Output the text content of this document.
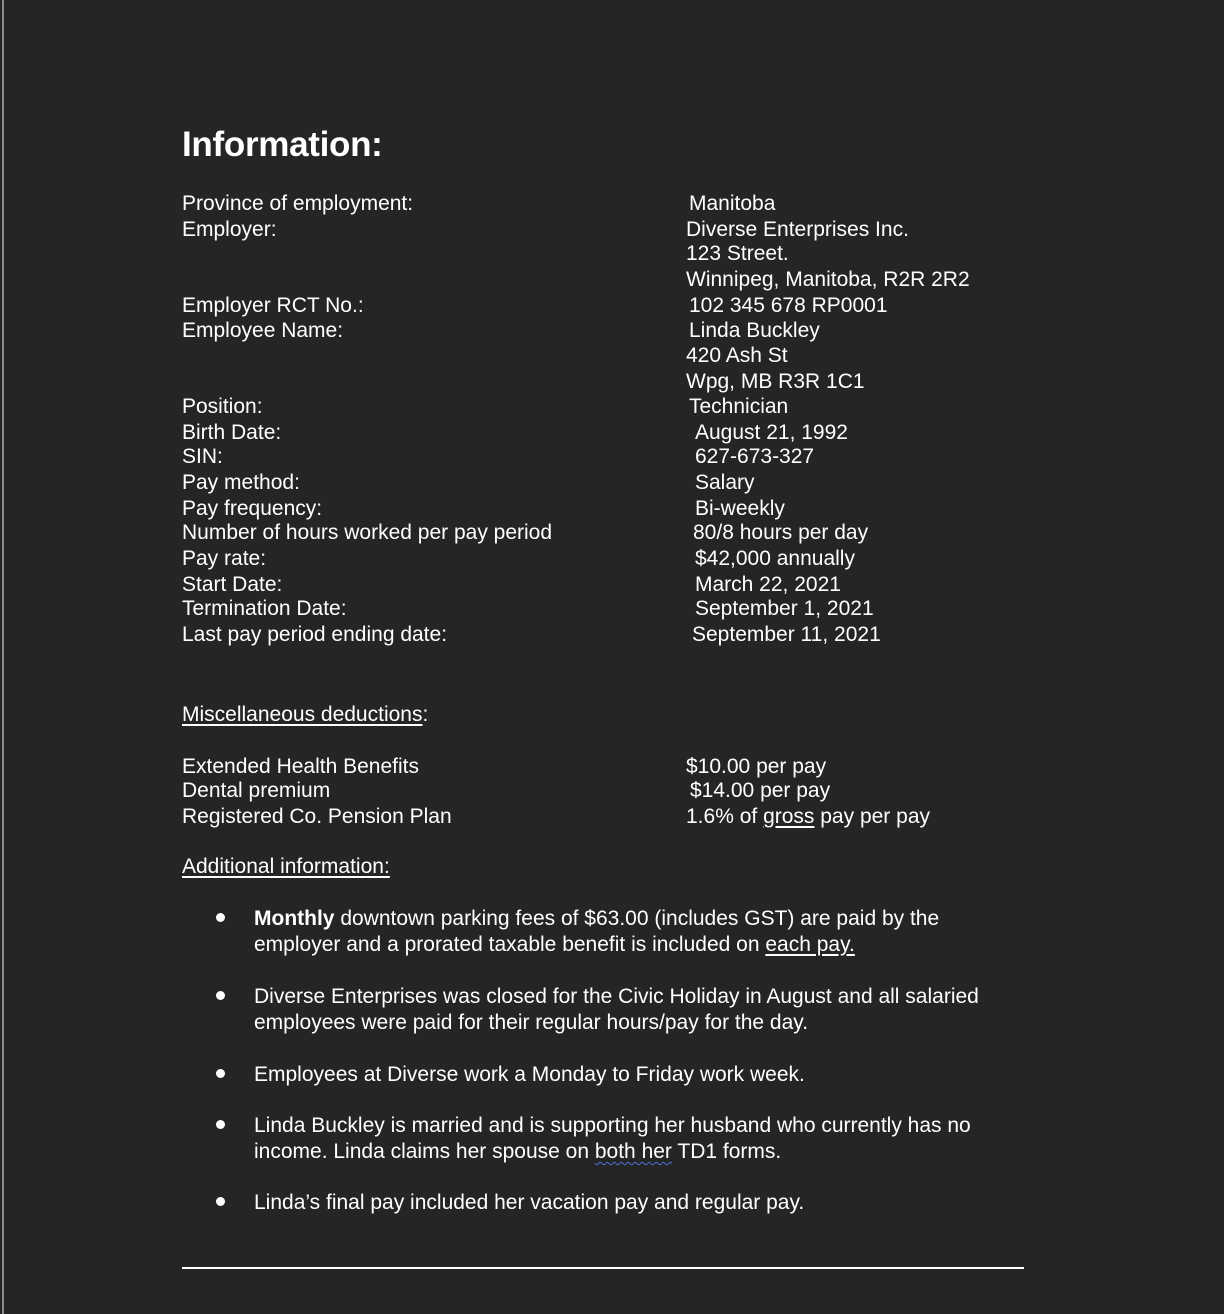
Information:
Province of employment:
Employer:
Employer RCT No.:
Employee Name:
Position:
Birth Date:
SIN:
Pay method:
Pay frequency:
Number of hours worked per pay period
Pay rate:
Start Date:
Termination Date:
Last pay period ending date:
Manitoba
Diverse Enterprises Inc.
123 Street.
Winnipeg, Manitoba, R2R 2R2
102 345 678 RP0001
Linda Buckley
420 Ash St
Wpg, MB R3R 1C1
Technician
August 21, 1992
627-673-327
Salary
Bi-weekly
80/8 hours per day
$42,000 annually
March 22, 2021
September 1, 2021
September 11, 2021
Miscellaneous deductions:
Extended Health Benefits
Dental premium
Registered Co. Pension Plan
$10.00 per pay
$14.00 per pay
1.6% of gross pay per pay
Additional information:
Monthly downtown parking fees of $63.00 (includes GST) are paid by the
employer and a prorated taxable benefit is included on each pay.
Diverse Enterprises was closed for the Civic Holiday in August and all salaried
employees were paid for their regular hours/pay for the day.
Employees at Diverse work a Monday to Friday work week.
Linda Buckley is married and is supporting her husband who currently has no
income. Linda claims her spouse on both her TD1 forms.
Linda’s final pay included her vacation pay and regular pay.
